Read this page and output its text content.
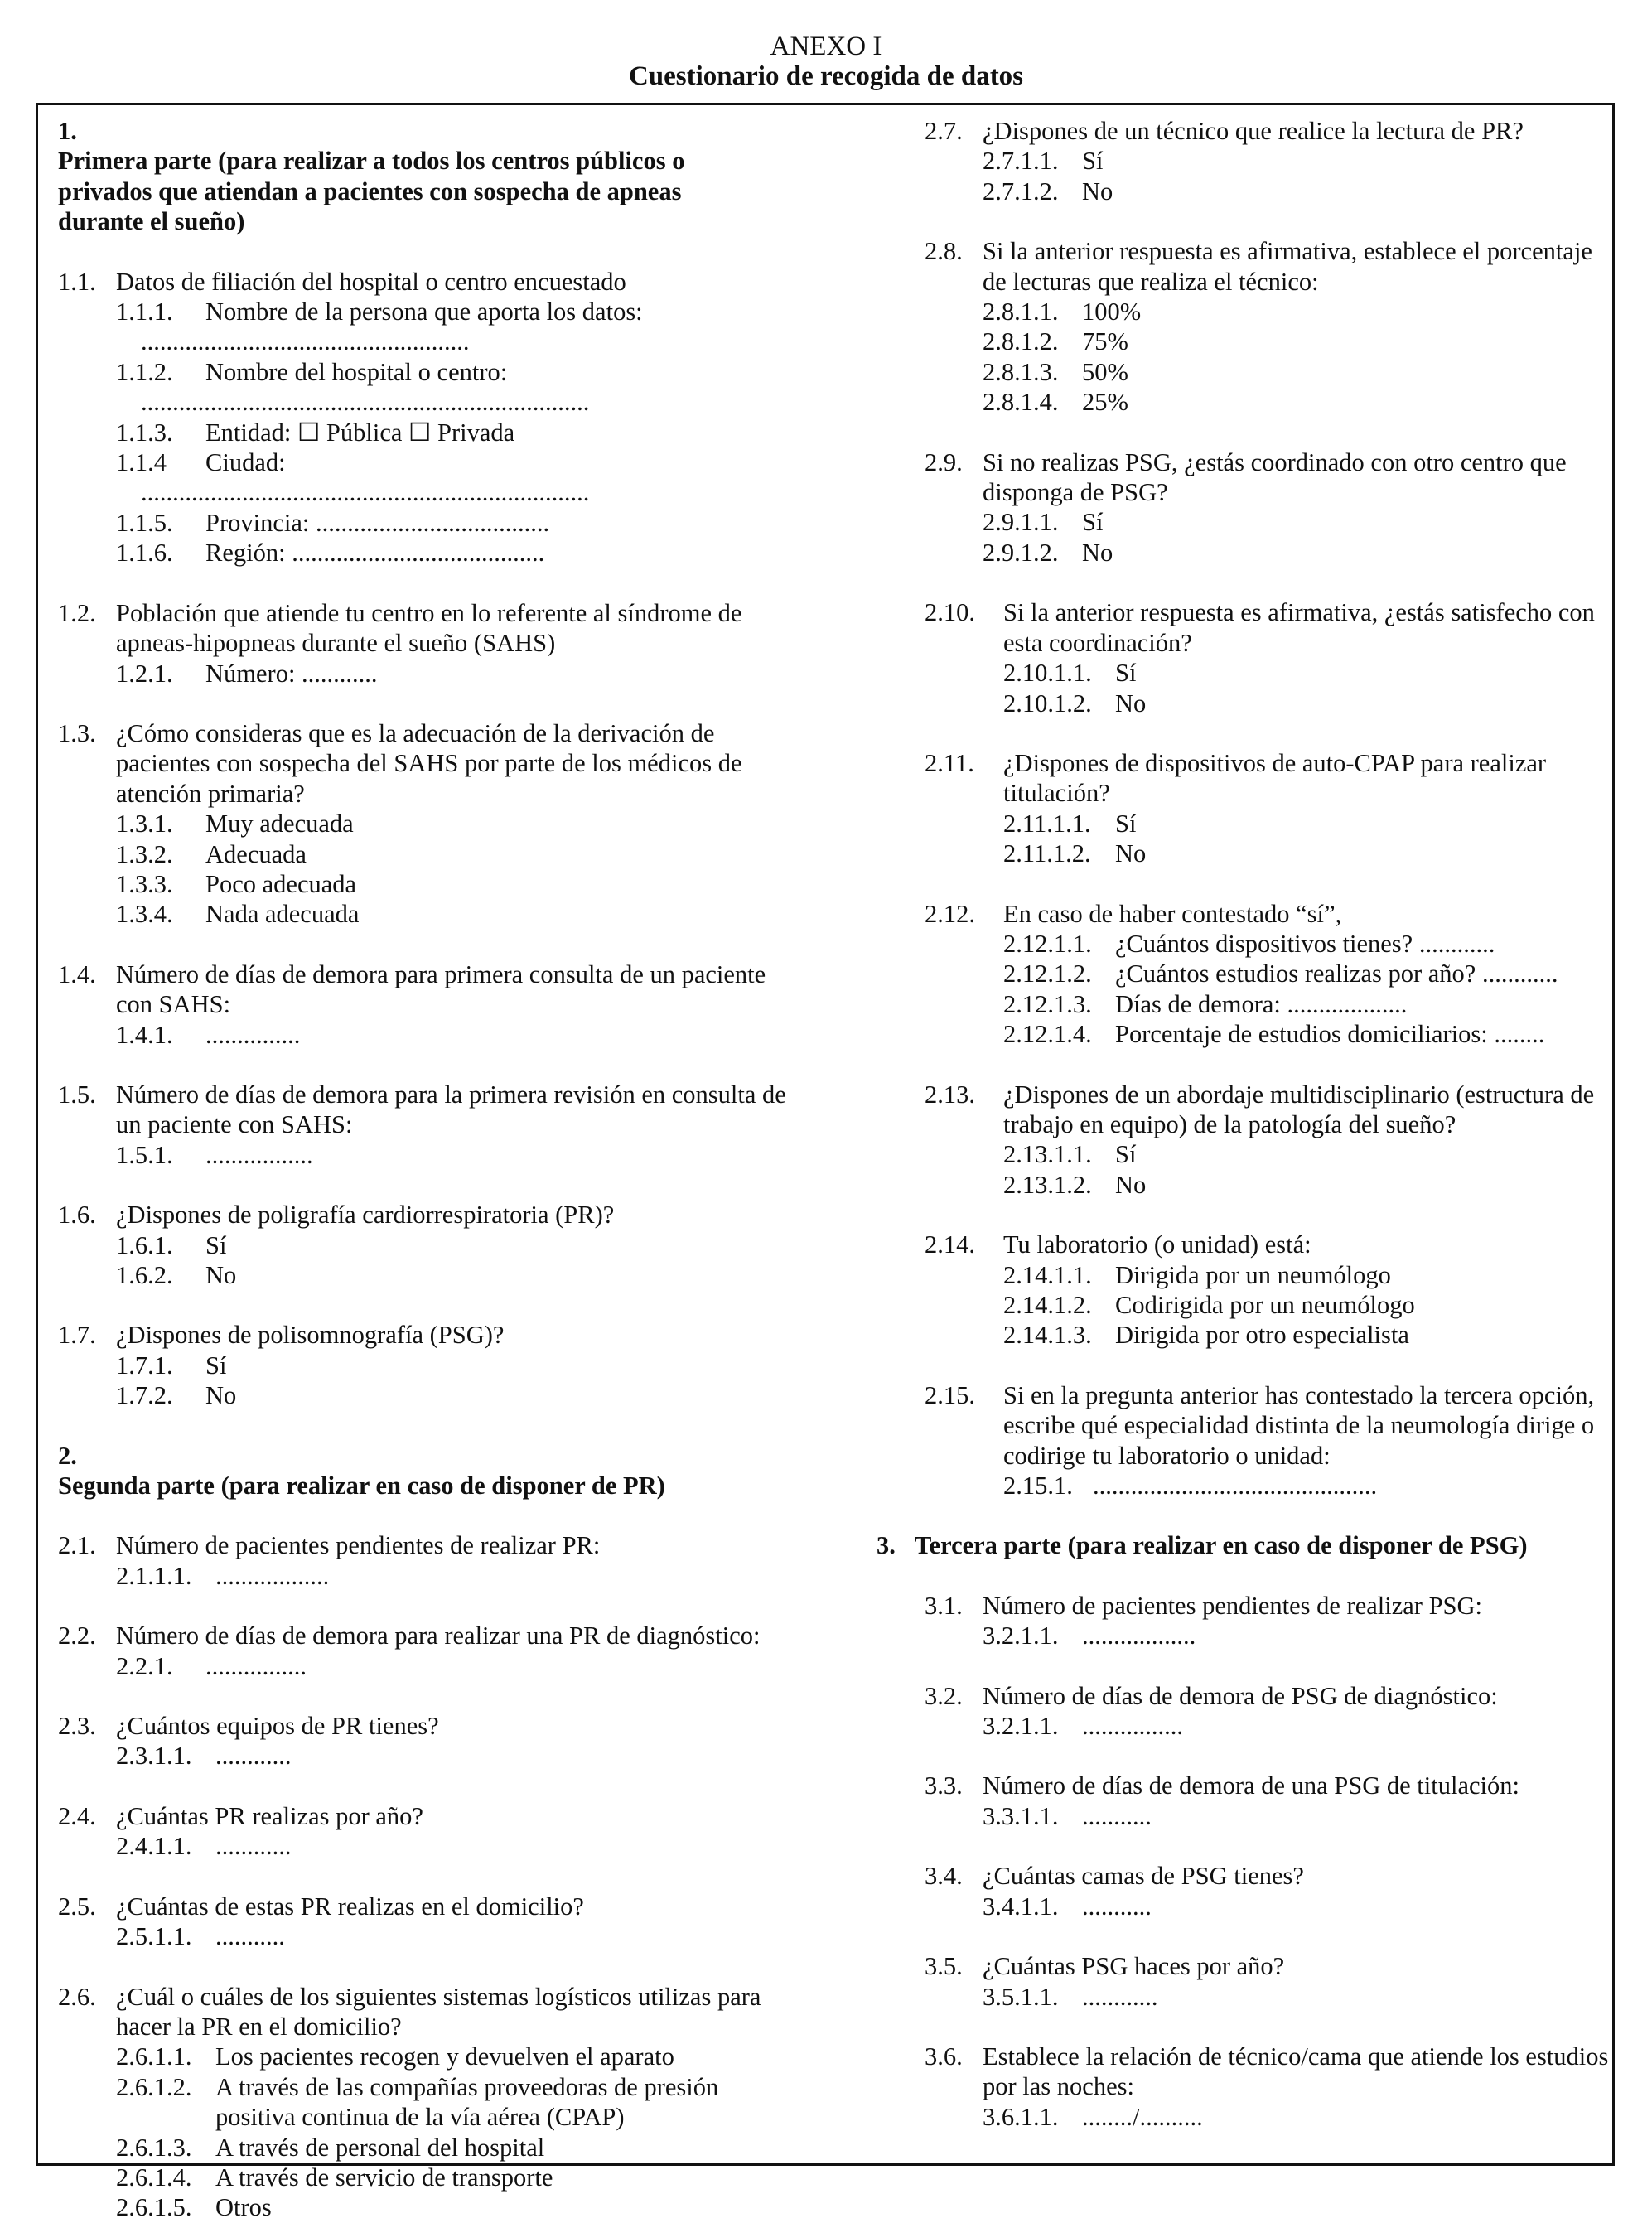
ANEXO I
Cuestionario de recogida de datos
1.Primera parte (para realizar a todos los centros públicos o privados que atiendan a pacientes con sospecha de apneas durante el sueño)
1.1. Datos de filiación del hospital o centro encuestado
1.1.1.	Nombre de la persona que aporta los datos:
....................................................
1.1.2.	Nombre del hospital o centro:
.......................................................................
1.1.3.	Entidad: ☐ Pública ☐ Privada
1.1.4	Ciudad:
.......................................................................
1.1.5.	Provincia: .....................................
1.1.6.	Región: ........................................
1.2. Población que atiende tu centro en lo referente al síndrome de apneas-hipopneas durante el sueño (SAHS)
1.2.1.	Número: ............
1.3. ¿Cómo consideras que es la adecuación de la derivación de pacientes con sospecha del SAHS por parte de los médicos de atención primaria?
1.3.1.	Muy adecuada
1.3.2.	Adecuada
1.3.3.	Poco adecuada
1.3.4.	Nada adecuada
1.4. Número de días de demora para primera consulta de un paciente con SAHS:
1.4.1.	...............
1.5. Número de días de demora para la primera revisión en consulta de un paciente con SAHS:
1.5.1.	.................
1.6. ¿Dispones de poligrafía cardiorrespiratoria (PR)?
1.6.1.	Sí
1.6.2.	No
1.7. ¿Dispones de polisomnografía (PSG)?
1.7.1.	Sí
1.7.2.	No
2.Segunda parte (para realizar en caso de disponer de PR)
2.1. Número de pacientes pendientes de realizar PR:
2.1.1.1. ..................
2.2. Número de días de demora para realizar una PR de diagnóstico:
2.2.1.	................
2.3. ¿Cuántos equipos de PR tienes?
2.3.1.1. ............
2.4. ¿Cuántas PR realizas por año?
2.4.1.1. ............
2.5. ¿Cuántas de estas PR realizas en el domicilio?
2.5.1.1. ...........
2.6. ¿Cuál o cuáles de los siguientes sistemas logísticos utilizas para hacer la PR en el domicilio?
2.6.1.1. Los pacientes recogen y devuelven el aparato
2.6.1.2. A través de las compañías proveedoras de presión positiva continua de la vía aérea (CPAP)
2.6.1.3. A través de personal del hospital
2.6.1.4. A través de servicio de transporte
2.6.1.5. Otros
2.7. ¿Dispones de un técnico que realice la lectura de PR?
2.7.1.1. Sí
2.7.1.2. No
2.8. Si la anterior respuesta es afirmativa, establece el porcentaje de lecturas que realiza el técnico:
2.8.1.1. 100%
2.8.1.2. 75%
2.8.1.3. 50%
2.8.1.4. 25%
2.9. Si no realizas PSG, ¿estás coordinado con otro centro que disponga de PSG?
2.9.1.1. Sí
2.9.1.2. No
2.10.	Si la anterior respuesta es afirmativa, ¿estás satisfecho con esta coordinación?
2.10.1.1. Sí
2.10.1.2. No
2.11.	¿Dispones de dispositivos de auto-CPAP para realizar titulación?
2.11.1.1. Sí
2.11.1.2. No
2.12.	En caso de haber contestado “sí”,
2.12.1.1. ¿Cuántos dispositivos tienes? ............
2.12.1.2. ¿Cuántos estudios realizas por año? ............
2.12.1.3. Días de demora: ...................
2.12.1.4. Porcentaje de estudios domiciliarios: ........
2.13.	¿Dispones de un abordaje multidisciplinario (estructura de trabajo en equipo) de la patología del sueño?
2.13.1.1. Sí
2.13.1.2. No
2.14.	Tu laboratorio (o unidad) está:
2.14.1.1. Dirigida por un neumólogo
2.14.1.2. Codirigida por un neumólogo
2.14.1.3. Dirigida por otro especialista
2.15.	Si en la pregunta anterior has contestado la tercera opción, escribe qué especialidad distinta de la neumología dirige o codirige tu laboratorio o unidad:
2.15.1. .............................................
3. Tercera parte (para realizar en caso de disponer de PSG)
3.1. Número de pacientes pendientes de realizar PSG:
3.2.1.1. ..................
3.2. Número de días de demora de PSG de diagnóstico:
3.2.1.1. ................
3.3. Número de días de demora de una PSG de titulación:
3.3.1.1. ...........
3.4. ¿Cuántas camas de PSG tienes?
3.4.1.1. ...........
3.5. ¿Cuántas PSG haces por año?
3.5.1.1. ............
3.6. Establece la relación de técnico/cama que atiende los estudios por las noches:
3.6.1.1. ......../..........
